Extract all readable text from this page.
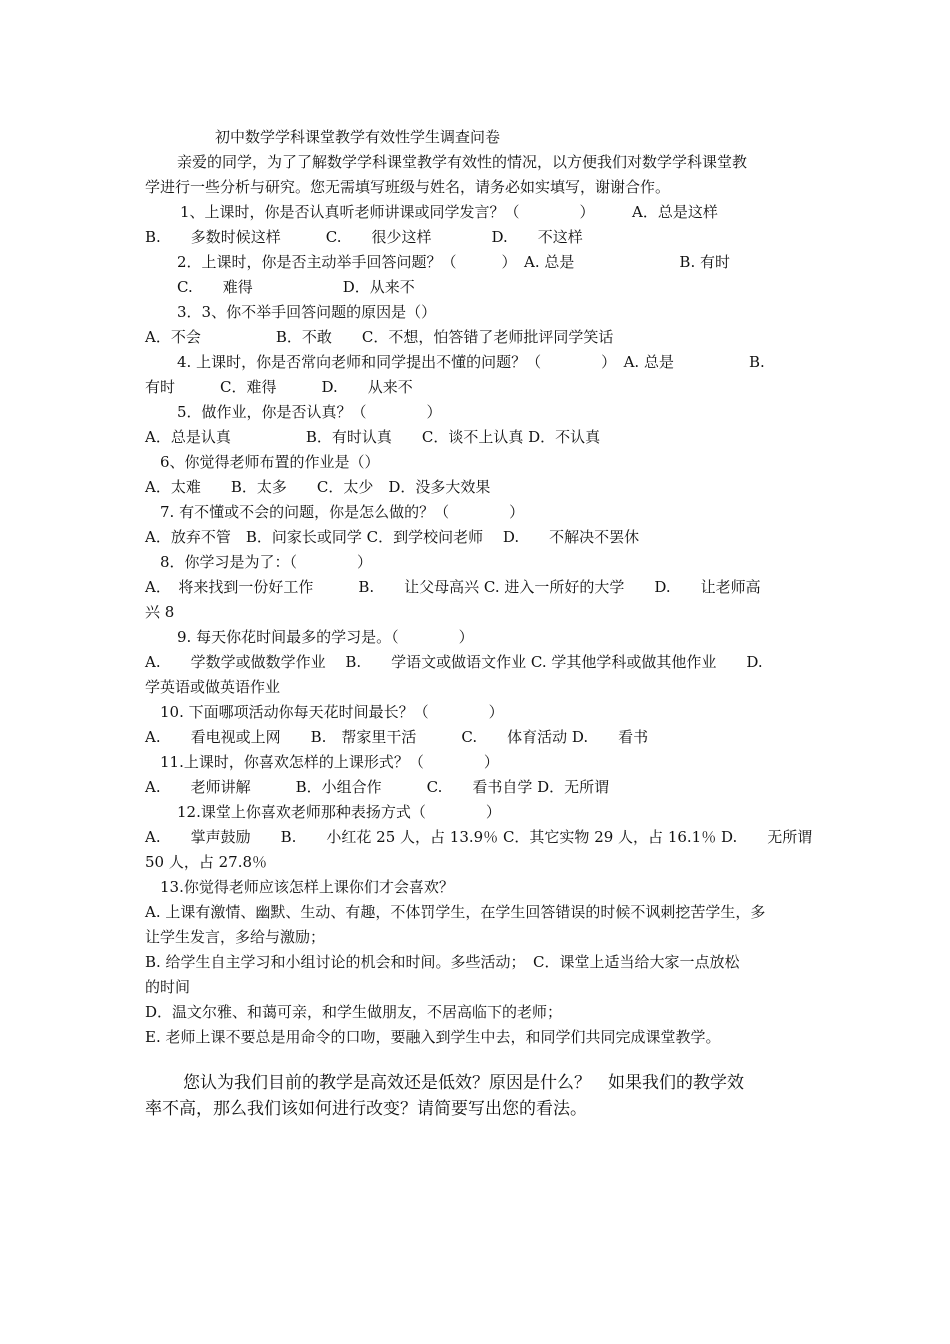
初中数学学科课堂教学有效性学生调查问卷
亲爱的同学，为了了解数学学科课堂教学有效性的情况，以方便我们对数学学科课堂教
学进行一些分析与研究。您无需填写班级与姓名，请务必如实填写，谢谢合作。
1、上课时，你是否认真听老师讲课或同学发言？（　　　　）　　　A．总是这样
B.　　多数时候这样　　　C.　　很少这样　　　　D.　　不这样
2．上课时，你是否主动举手回答问题？（　　　）　A. 总是　　　　　　　B. 有时
C.　　难得　　　　　　D．从来不
3．3、你不举手回答问题的原因是（）
A．不会　　　　　B．不敢　　C．不想，怕答错了老师批评同学笑话
4. 上课时，你是否常向老师和同学提出不懂的问题？（　　　　）　A. 总是　　　　　B.
有时　　　C．难得　　　D.　　从来不
5．做作业，你是否认真？（　　　　）
A．总是认真　　　　　B．有时认真　　C．谈不上认真 D．不认真
6、你觉得老师布置的作业是（）
A．太难　　B．太多　　C．太少　D．没多大效果
7. 有不懂或不会的问题，你是怎么做的？（　　　　）
A．放弃不管　B．问家长或同学 C．到学校问老师　 D.　　不解决不罢休
8．你学习是为了：（　　　　）
A．　将来找到一份好工作　　　B.　　让父母高兴 C. 进入一所好的大学　　D.　　让老师高
兴 8
9. 每天你花时间最多的学习是。（　　　　）
A.　　学数学或做数学作业　 B.　　学语文或做语文作业 C. 学其他学科或做其他作业　　D.
学英语或做英语作业
10. 下面哪项活动你每天花时间最长？（　　　　）
A.　　看电视或上网　　B.　帮家里干活　　　C.　　体育活动 D.　　看书
11.上课时，你喜欢怎样的上课形式？（　　　　）
A.　　老师讲解　　　B．小组合作　　　C.　　看书自学 D．无所谓
12.课堂上你喜欢老师那种表扬方式（　　　　）
A.　　掌声鼓励　　B.　　小红花 25 人，占 13.9％ C．其它实物 29 人，占 16.1％ D.　　无所谓
50 人，占 27.8％
13.你觉得老师应该怎样上课你们才会喜欢？
A. 上课有激情、幽默、生动、有趣，不体罚学生，在学生回答错误的时候不讽刺挖苦学生，多
让学生发言，多给与激励；
B. 给学生自主学习和小组讨论的机会和时间。多些活动；　C．课堂上适当给大家一点放松
的时间
D．温文尔雅、和蔼可亲，和学生做朋友，不居高临下的老师；
E. 老师上课不要总是用命令的口吻，要融入到学生中去，和同学们共同完成课堂教学。
您认为我们目前的教学是高效还是低效？原因是什么？　如果我们的教学效
率不高，那么我们该如何进行改变？请简要写出您的看法。
